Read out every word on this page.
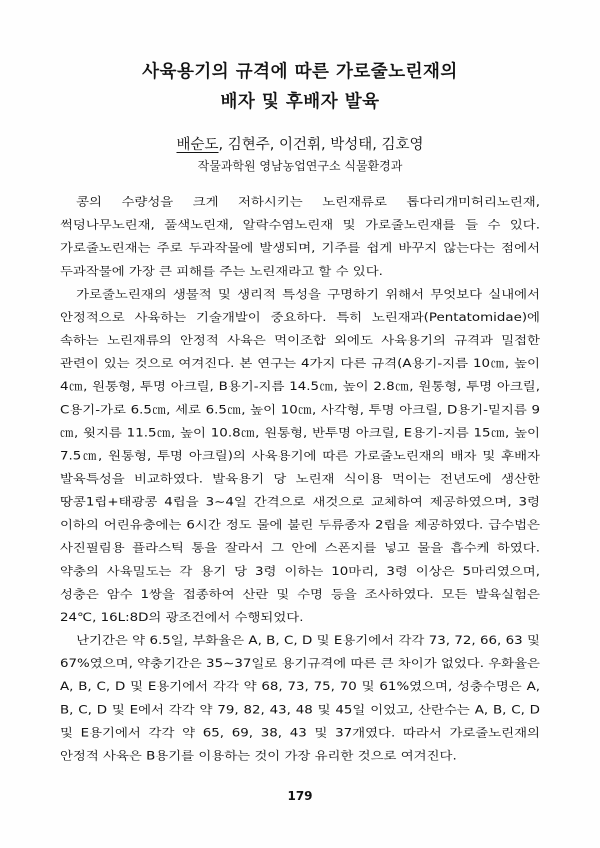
사육용기의 규격에 따른 가로줄노린재의
배자 및 후배자 발육
배순도, 김현주, 이건휘, 박성태, 김호영
작물과학원 영남농업연구소 식물환경과

콩의 수량성을 크게 저하시키는 노린재류로 톱다리개미허리노린재, 썩덩나무노린재, 풀색노린재, 알락수염노린재 및 가로줄노린재를 들 수 있다. 가로줄노린재는 주로 두과작물에 발생되며, 기주를 쉽게 바꾸지 않는다는 점에서 두과작물에 가장 큰 피해를 주는 노린재라고 할 수 있다.

가로줄노린재의 생물적 및 생리적 특성을 구명하기 위해서 무엇보다 실내에서 안정적으로 사육하는 기술개발이 중요하다. 특히 노린재과(Pentatomidae)에 속하는 노린재류의 안정적 사육은 먹이조합 외에도 사육용기의 규격과 밀접한 관련이 있는 것으로 여겨진다. 본 연구는 4가지 다른 규격(A용기-지름 10㎝, 높이 4㎝, 원통형, 투명 아크릴, B용기-지름 14.5㎝, 높이 2.8㎝, 원통형, 투명 아크릴, C용기-가로 6.5㎝, 세로 6.5㎝, 높이 10㎝, 사각형, 투명 아크릴, D용기-밑지름 9㎝, 윗지름 11.5㎝, 높이 10.8㎝, 원통형, 반투명 아크릴, E용기-지름 15㎝, 높이 7.5㎝, 원통형, 투명 아크릴)의 사육용기에 따른 가로줄노린재의 배자 및 후배자 발육특성을 비교하였다. 발육용기 당 노린재 식이용 먹이는 전년도에 생산한 땅콩1립+태광콩 4립을 3∼4일 간격으로 새것으로 교체하여 제공하였으며, 3령 이하의 어린유충에는 6시간 정도 물에 불린 두류종자 2립을 제공하였다. 급수법은 사진필림용 플라스틱 통을 잘라서 그 안에 스폰지를 넣고 물을 흡수케 하였다. 약충의 사육밀도는 각 용기 당 3령 이하는 10마리, 3령 이상은 5마리였으며, 성충은 암수 1쌍을 접종하여 산란 및 수명 등을 조사하였다. 모든 발육실험은 24℃, 16L:8D의 광조건에서 수행되었다.

난기간은 약 6.5일, 부화율은 A, B, C, D 및 E용기에서 각각 73, 72, 66, 63 및 67%였으며, 약충기간은 35∼37일로 용기규격에 따른 큰 차이가 없었다. 우화율은 A, B, C, D 및 E용기에서 각각 약 68, 73, 75, 70 및 61%였으며, 성충수명은 A, B, C, D 및 E에서 각각 약 79, 82, 43, 48 및 45일 이었고, 산란수는 A, B, C, D 및 E용기에서 각각 약 65, 69, 38, 43 및 37개였다. 따라서 가로줄노린재의 안정적 사육은 B용기를 이용하는 것이 가장 유리한 것으로 여겨진다.

179
